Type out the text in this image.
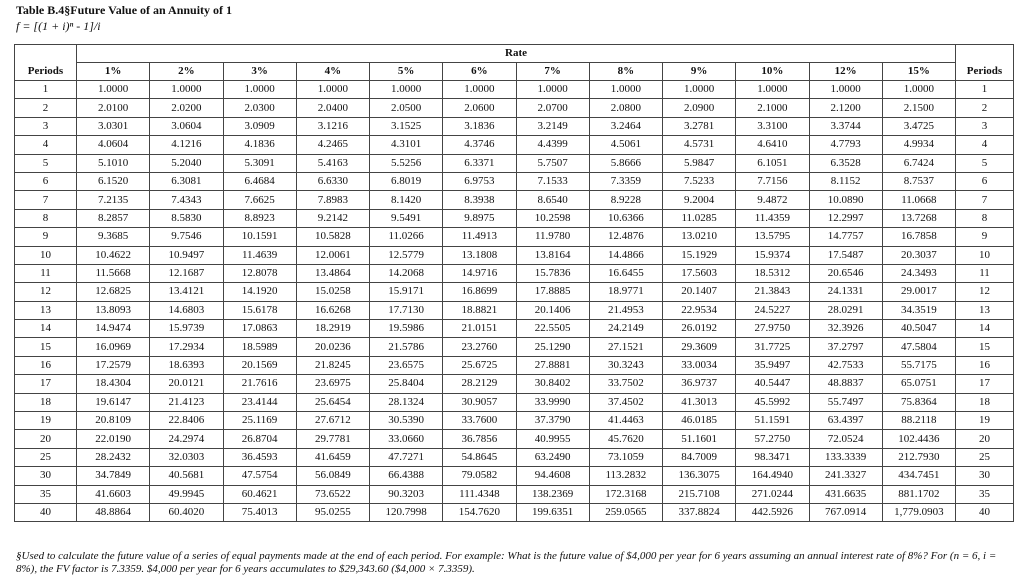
Table B.4§Future Value of an Annuity of 1
f = [(1 + i)ⁿ - 1]/i
	Rate												
Periods	1%	2%	3%	4%	5%	6%	7%	8%	9%	10%	12%	15%	Periods
1	1.0000	1.0000	1.0000	1.0000	1.0000	1.0000	1.0000	1.0000	1.0000	1.0000	1.0000	1.0000	1
2	2.0100	2.0200	2.0300	2.0400	2.0500	2.0600	2.0700	2.0800	2.0900	2.1000	2.1200	2.1500	2
3	3.0301	3.0604	3.0909	3.1216	3.1525	3.1836	3.2149	3.2464	3.2781	3.3100	3.3744	3.4725	3
4	4.0604	4.1216	4.1836	4.2465	4.3101	4.3746	4.4399	4.5061	4.5731	4.6410	4.7793	4.9934	4
5	5.1010	5.2040	5.3091	5.4163	5.5256	6.3371	5.7507	5.8666	5.9847	6.1051	6.3528	6.7424	5
6	6.1520	6.3081	6.4684	6.6330	6.8019	6.9753	7.1533	7.3359	7.5233	7.7156	8.1152	8.7537	6
7	7.2135	7.4343	7.6625	7.8983	8.1420	8.3938	8.6540	8.9228	9.2004	9.4872	10.0890	11.0668	7
8	8.2857	8.5830	8.8923	9.2142	9.5491	9.8975	10.2598	10.6366	11.0285	11.4359	12.2997	13.7268	8
9	9.3685	9.7546	10.1591	10.5828	11.0266	11.4913	11.9780	12.4876	13.0210	13.5795	14.7757	16.7858	9
10	10.4622	10.9497	11.4639	12.0061	12.5779	13.1808	13.8164	14.4866	15.1929	15.9374	17.5487	20.3037	10
11	11.5668	12.1687	12.8078	13.4864	14.2068	14.9716	15.7836	16.6455	17.5603	18.5312	20.6546	24.3493	11
12	12.6825	13.4121	14.1920	15.0258	15.9171	16.8699	17.8885	18.9771	20.1407	21.3843	24.1331	29.0017	12
13	13.8093	14.6803	15.6178	16.6268	17.7130	18.8821	20.1406	21.4953	22.9534	24.5227	28.0291	34.3519	13
14	14.9474	15.9739	17.0863	18.2919	19.5986	21.0151	22.5505	24.2149	26.0192	27.9750	32.3926	40.5047	14
15	16.0969	17.2934	18.5989	20.0236	21.5786	23.2760	25.1290	27.1521	29.3609	31.7725	37.2797	47.5804	15
16	17.2579	18.6393	20.1569	21.8245	23.6575	25.6725	27.8881	30.3243	33.0034	35.9497	42.7533	55.7175	16
17	18.4304	20.0121	21.7616	23.6975	25.8404	28.2129	30.8402	33.7502	36.9737	40.5447	48.8837	65.0751	17
18	19.6147	21.4123	23.4144	25.6454	28.1324	30.9057	33.9990	37.4502	41.3013	45.5992	55.7497	75.8364	18
19	20.8109	22.8406	25.1169	27.6712	30.5390	33.7600	37.3790	41.4463	46.0185	51.1591	63.4397	88.2118	19
20	22.0190	24.2974	26.8704	29.7781	33.0660	36.7856	40.9955	45.7620	51.1601	57.2750	72.0524	102.4436	20
25	28.2432	32.0303	36.4593	41.6459	47.7271	54.8645	63.2490	73.1059	84.7009	98.3471	133.3339	212.7930	25
30	34.7849	40.5681	47.5754	56.0849	66.4388	79.0582	94.4608	113.2832	136.3075	164.4940	241.3327	434.7451	30
35	41.6603	49.9945	60.4621	73.6522	90.3203	111.4348	138.2369	172.3168	215.7108	271.0244	431.6635	881.1702	35
40	48.8864	60.4020	75.4013	95.0255	120.7998	154.7620	199.6351	259.0565	337.8824	442.5926	767.0914	1,779.0903	40
§Used to calculate the future value of a series of equal payments made at the end of each period. For example: What is the future value of $4,000 per year for 6 years assuming an annual interest rate of 8%? For (n = 6, i = 8%), the FV factor is 7.3359. $4,000 per year for 6 years accumulates to $29,343.60 ($4,000 × 7.3359).
